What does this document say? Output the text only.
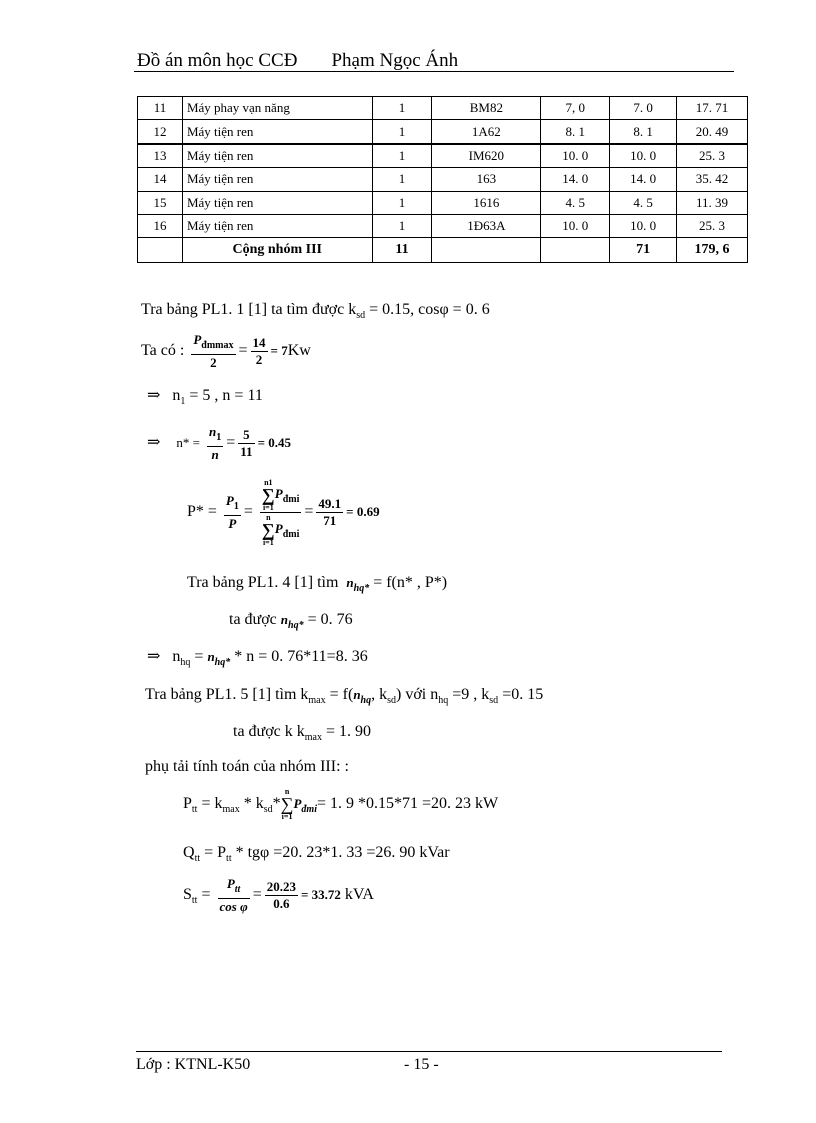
Đồ án môn học CCĐ Phạm Ngọc Ánh
11	Máy phay vạn năng	1	BM82	7, 0	7. 0	17. 71
12	Máy tiện ren	1	1A62	8. 1	8. 1	20. 49
13	Máy tiện ren	1	IM620	10. 0	10. 0	25. 3
14	Máy tiện ren	1	163	14. 0	14. 0	35. 42
15	Máy tiện ren	1	1616	4. 5	4. 5	11. 39
16	Máy tiện ren	1	1Đ63A	10. 0	10. 0	25. 3
	Cộng nhóm III	11			71	179, 6
Tra bảng PL1. 1 [1] ta tìm được $k_{sd} = 0.15$, cosφ = 0. 6
Ta có : $\frac{P_{đmmax}}{2} = \frac{14}{2} = 7Kw$
⇒ $n_1 = 5$ , n = 11
⇒ $n* = \frac{n_1}{n} = \frac{5}{11} = 0.45$
$P* = \frac{P_1}{P} = n1$
∑
i=1
$P_{đmi}$
n
∑
i=1
$P_{đmi} = \frac{49.1}{71} = 0.69$
Tra bảng PL1. 4 [1] tìm $n_{hq*} = f(n*$ , P*)
ta được $n_{hq*} = 0$. 76
⇒ $n_{hq} = n_{hq*} * n = 0$. 76*11=8. 36
Tra bảng PL1. 5 [1] tìm $k_{max} = f(n_{hq}$, $k_{sd}$) với $n_{hq} =9$ , $k_{sd} =0$. 15
ta được k $k_{max} = 1$. 90
phụ tải tính toán của nhóm III: :
$P_{tt} = k_{max} * k_{sd}*$
n
∑
i=1
$P_{đmi}= 1$. 9 *0.15*71 =20. 23 kW
$Q_{tt} = P_{tt} * tg\varphi =20$. 23*1. 33 =26. 90 kVar
$S_{tt} = \frac{P_{tt}}{\text{cos φ}} = \frac{20.23}{0.6} = 33.72$ kVA
Lớp : KTNL-K50	- 15 -
